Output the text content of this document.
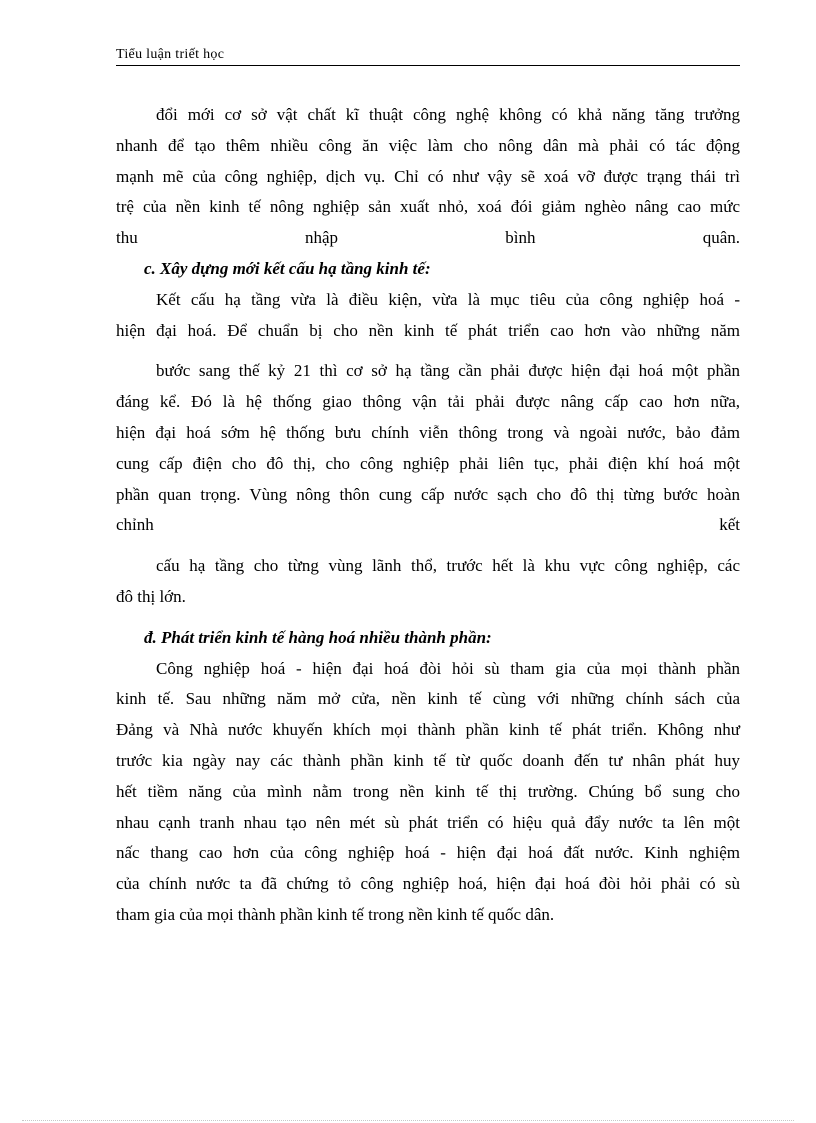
Tiểu luận triết học
đổi mới cơ sở vật chất kĩ thuật công nghệ không có khả năng tăng trưởng
nhanh để tạo thêm nhiều công ăn việc làm cho nông dân mà phải có tác động
mạnh mẽ của công nghiệp, dịch vụ. Chỉ có như vậy sẽ xoá vỡ được trạng thái trì
trệ của nền kinh tế nông nghiệp sản xuất nhỏ, xoá đói giảm nghèo nâng cao mức
thu	nhập	bình	quân.
c. Xây dựng mới kết cấu hạ tầng kinh tế:
Kết cấu hạ tầng vừa là điều kiện, vừa là mục tiêu của công nghiệp hoá -
hiện đại hoá. Để chuẩn bị cho nền kinh tế phát triển cao hơn vào những năm
bước sang thế kỷ 21 thì cơ sở hạ tầng cần phải được hiện đại hoá một phần
đáng kể. Đó là hệ thống giao thông vận tải phải được nâng cấp cao hơn nữa,
hiện đại hoá sớm hệ thống bưu chính viễn thông trong và ngoài nước, bảo đảm
cung cấp điện cho đô thị, cho công nghiệp phải liên tục, phải điện khí hoá một
phần quan trọng. Vùng nông thôn cung cấp nước sạch cho đô thị từng bước hoàn
chỉnh	kết
cấu hạ tầng cho từng vùng lãnh thổ, trước hết là khu vực công nghiệp, các
đô thị lớn.
đ. Phát triển kinh tế hàng hoá nhiều thành phần:
Công nghiệp hoá - hiện đại hoá đòi hỏi sù tham gia của mọi thành phần
kinh tế. Sau những năm mở cửa, nền kinh tế cùng với những chính sách của
Đảng và Nhà nước khuyến khích mọi thành phần kinh tế phát triển. Không như
trước kia ngày nay các thành phần kinh tế từ quốc doanh đến tư nhân phát huy
hết tiềm năng của mình nằm trong nền kinh tế thị trường. Chúng bổ sung cho
nhau cạnh tranh nhau tạo nên mét sù phát triển có hiệu quả đẩy nước ta lên một
nấc thang cao hơn của công nghiệp hoá - hiện đại hoá đất nước. Kinh nghiệm
của chính nước ta đã chứng tỏ công nghiệp hoá, hiện đại hoá đòi hỏi phải có sù
tham gia của mọi thành phần kinh tế trong nền kinh tế quốc dân.
